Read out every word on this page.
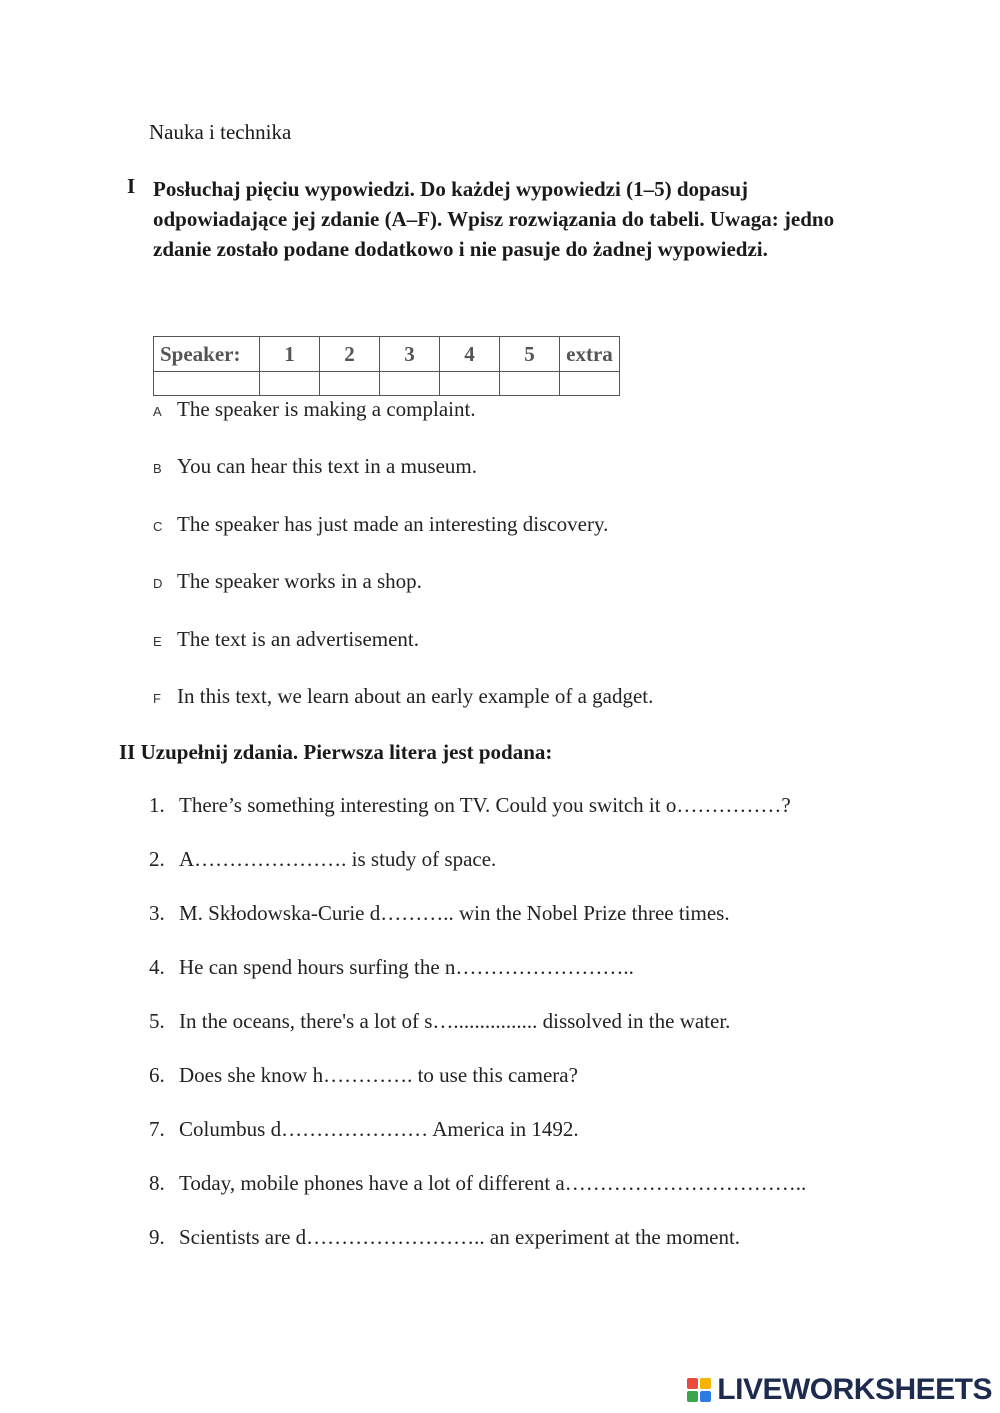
Nauka i technika
I Posłuchaj pięciu wypowiedzi. Do każdej wypowiedzi (1–5) dopasuj odpowiadające jej zdanie (A–F). Wpisz rozwiązania do tabeli. Uwaga: jedno zdanie zostało podane dodatkowo i nie pasuje do żadnej wypowiedzi.
Speaker:	1	2	3	4	5	extra

A The speaker is making a complaint.
B You can hear this text in a museum.
C The speaker has just made an interesting discovery.
D The speaker works in a shop.
E The text is an advertisement.
F In this text, we learn about an early example of a gadget.
II Uzupełnij zdania. Pierwsza litera jest podana:
1. There’s something interesting on TV. Could you switch it o……………?
2. A…………………. is study of space.
3. M. Skłodowska-Curie d……….. win the Nobel Prize three times.
4. He can spend hours surfing the n……………………..
5. In the oceans, there's a lot of s…................ dissolved in the water.
6. Does she know h…………. to use this camera?
7. Columbus d………………… America in 1492.
8. Today, mobile phones have a lot of different a……………………………..
9. Scientists are d…………………….. an experiment at the moment.
LIVEWORKSHEETS
